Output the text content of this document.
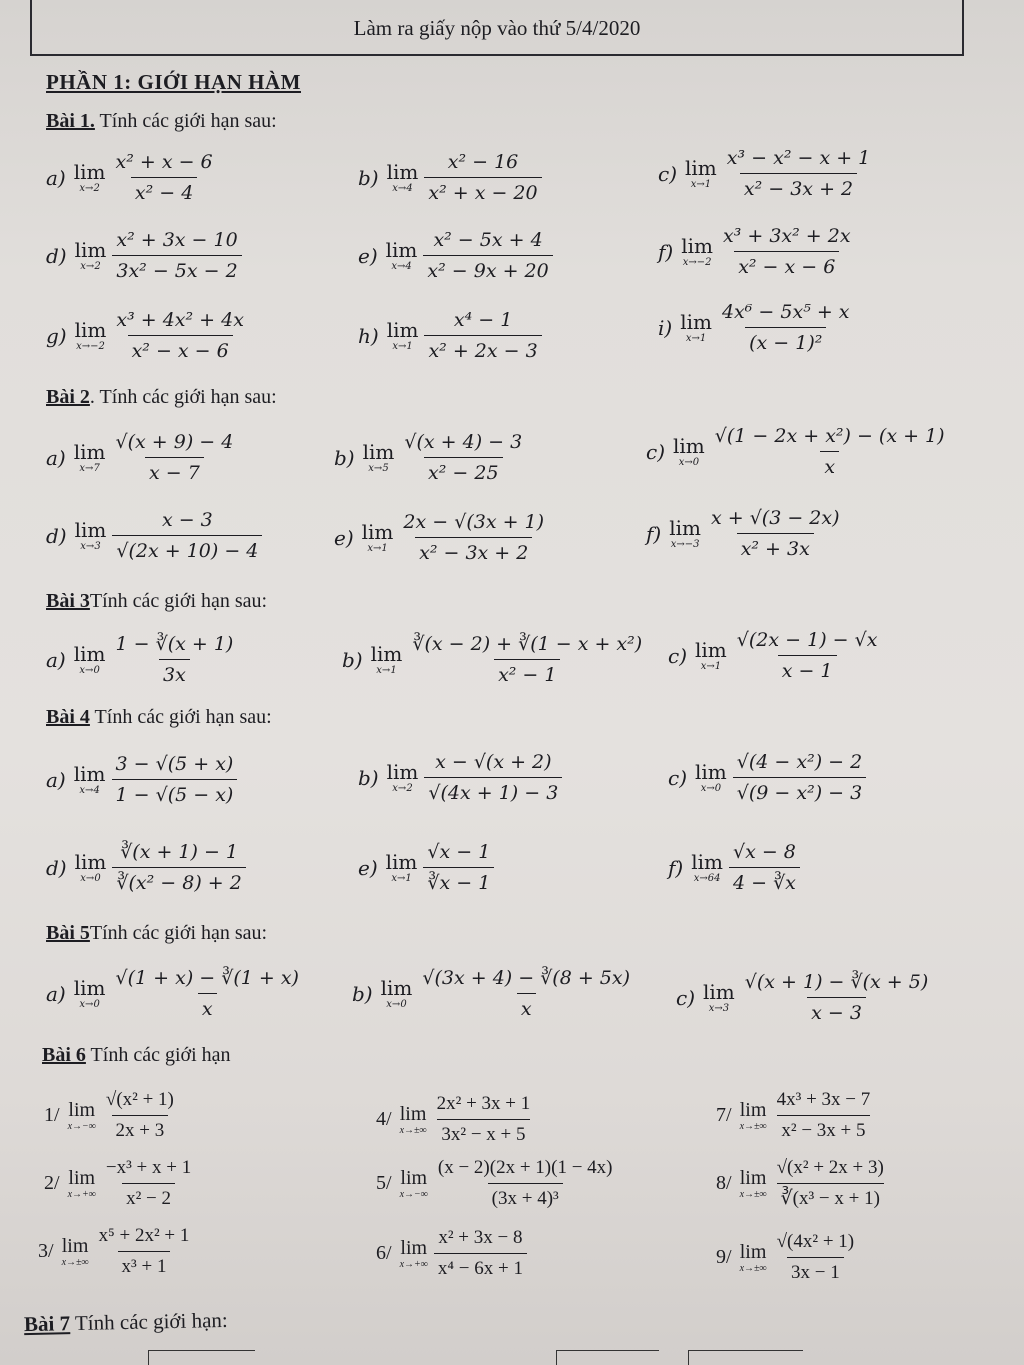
Làm ra giấy nộp vào thứ 5/4/2020
PHẦN 1: GIỚI HẠN HÀM
Bài 1. Tính các giới hạn sau:
Bài 2. Tính các giới hạn sau:
Bài 3Tính các giới hạn sau:
Bài 4 Tính các giới hạn sau:
Bài 5Tính các giới hạn sau:
Bài 6 Tính các giới hạn
a) lim
$x\to 2 \frac{\text{x² + x − 6}}{\text{x² − 4}}$	b) lim
$x\to 4 \frac{\text{x² − 16}}{\text{x² + x − 20}}$	c) lim
$x\to 1 \frac{\text{x³ − x² − x + 1}}{\text{x² − 3x + 2}}$
d) lim
$x\to 2 \frac{\text{x² + 3x − 10}}{\text{3x² − 5x − 2}}$	e) lim
$x\to 4 \frac{\text{x² − 5x + 4}}{\text{x² − 9x + 20}}$	f) lim
$x\to-2 \frac{\text{x³ + 3x² + 2x}}{\text{x² − x − 6}}$
g) lim
$x\to-2 \frac{\text{x³ + 4x² + 4x}}{\text{x² − x − 6}}$	h) lim
$x\to 1 \frac{\text{x⁴ − 1}}{\text{x² + 2x − 3}}$	i) lim
$x\to 1 \frac{\text{4x⁶ − 5x⁵ + x}}{\text{(x − 1)²}}$
a) lim
$x\to 7 \frac{√(x + 9) - 4}{x - 7}$	b) lim
$x\to 5 \frac{√(x + 4) - 3}{\text{x² − 25}}$	c) lim
$x\to 0 \frac{\text{√(1 − 2x + x²) − (x + 1)}}{x}$
d) lim
$x\to 3 \frac{x - 3}{√(2x + 10) - 4}$	e) lim
$x\to 1 \frac{2x - √(3x + 1)}{\text{x² − 3x + 2}}$	f) lim
$x\to-3 \frac{x + √(3 - 2x)}{\text{x² + 3x}}$
a) lim
$x\to 0 \frac{1 - ∛(x + 1)}{3x}$	b) lim
$x\to 1 \frac{\text{∛(x − 2) + ∛(1 − x + x²)}}{\text{x² − 1}} c$) lim
$x\to 1 \frac{√(2x - 1) - √x}{x - 1}$
a) lim
$x\to 4 \frac{3 - √(5 + x)}{1 - √(5 - x)}$	b) lim
$x\to 2 \frac{x - √(x + 2)}{√(4x + 1) - 3}$	c) lim
$x\to 0 \frac{\text{√(4 − x²) − 2}}{\text{√(9 − x²) − 3}}$
d) lim
$x\to 0 \frac{∛(x + 1) - 1}{\text{∛(x² − 8) + 2}}$	e) lim
$x\to 1 \frac{√x - 1}{∛x - 1}$	f) lim
$x\to 64 \frac{√x - 8}{4 - ∛x}$
a) lim
$x\to 0 \frac{√(1 + x) - ∛(1 + x)}{x} b$) lim
$x\to 0 \frac{√(3x + 4) - ∛(8 + 5x)}{x} c$) lim
$x\to 3 \frac{√(x + 1) - ∛(x + 5)}{x - 3}$
1/ lim
$x\to-\infty \frac{\text{√(x² + 1)}}{2x + 3}$	4/ lim
$x\to\pm\infty \frac{\text{2x² + 3x + 1}}{\text{3x² − x + 5}}$	7/ lim
$x\to\pm\infty \frac{\text{4x³ + 3x − 7}}{\text{x² − 3x + 5}}$
2/ lim
$x\to+\infty \frac{\text{−x³ + x + 1}}{\text{x² − 2}}$	5/ lim
$x\to-\infty \frac{(x - 2)(2x + 1)(1 - 4x)}{\text{(3x + 4)³}}$	8/ lim
$x\to\pm\infty \frac{\text{√(x² + 2x + 3)}}{\text{∛(x³ − x + 1)}}$
3/ lim
$x\to\pm\infty \frac{\text{x⁵ + 2x² + 1}}{\text{x³ + 1}}$	6/ lim
$x\to+\infty \frac{\text{x² + 3x − 8}}{\text{x⁴ − 6x + 1}}$	9/ lim
$x\to\pm\infty \frac{\text{√(4x² + 1)}}{3x - 1}$
Bài 7 Tính các giới hạn:
